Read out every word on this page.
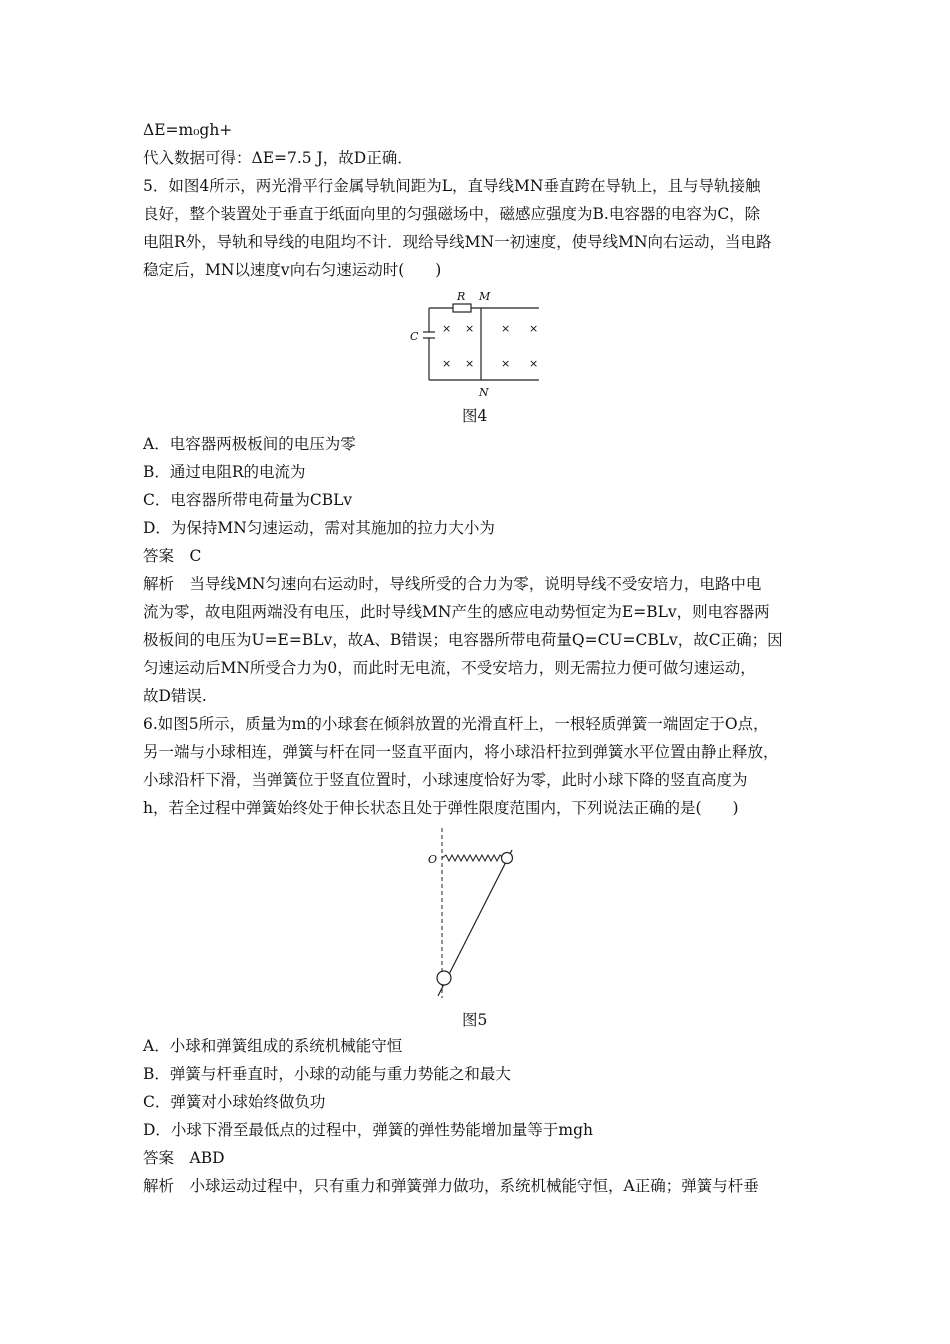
ΔE=m₀gh+
代入数据可得：ΔE=7.5 J，故D正确．
5．如图4所示，两光滑平行金属导轨间距为L，直导线MN垂直跨在导轨上，且与导轨接触
良好，整个装置处于垂直于纸面向里的匀强磁场中，磁感应强度为B.电容器的电容为C，除
电阻R外，导轨和导线的电阻均不计．现给导线MN一初速度，使导线MN向右运动，当电路
稳定后，MN以速度v向右匀速运动时(　　)
R M
C
N
× × × ×
× × × ×
图4
A．电容器两极板间的电压为零
B．通过电阻R的电流为
C．电容器所带电荷量为CBLv
D．为保持MN匀速运动，需对其施加的拉力大小为
答案　C
解析　当导线MN匀速向右运动时，导线所受的合力为零，说明导线不受安培力，电路中电
流为零，故电阻两端没有电压，此时导线MN产生的感应电动势恒定为E=BLv，则电容器两
极板间的电压为U=E=BLv，故A、B错误；电容器所带电荷量Q=CU=CBLv，故C正确；因
匀速运动后MN所受合力为0，而此时无电流，不受安培力，则无需拉力便可做匀速运动，
故D错误.
6.如图5所示，质量为m的小球套在倾斜放置的光滑直杆上，一根轻质弹簧一端固定于O点，
另一端与小球相连，弹簧与杆在同一竖直平面内，将小球沿杆拉到弹簧水平位置由静止释放，
小球沿杆下滑，当弹簧位于竖直位置时，小球速度恰好为零，此时小球下降的竖直高度为
h，若全过程中弹簧始终处于伸长状态且处于弹性限度范围内，下列说法正确的是(　　)
O
图5
A．小球和弹簧组成的系统机械能守恒
B．弹簧与杆垂直时，小球的动能与重力势能之和最大
C．弹簧对小球始终做负功
D．小球下滑至最低点的过程中，弹簧的弹性势能增加量等于mgh
答案　ABD
解析　小球运动过程中，只有重力和弹簧弹力做功，系统机械能守恒，A正确；弹簧与杆垂
